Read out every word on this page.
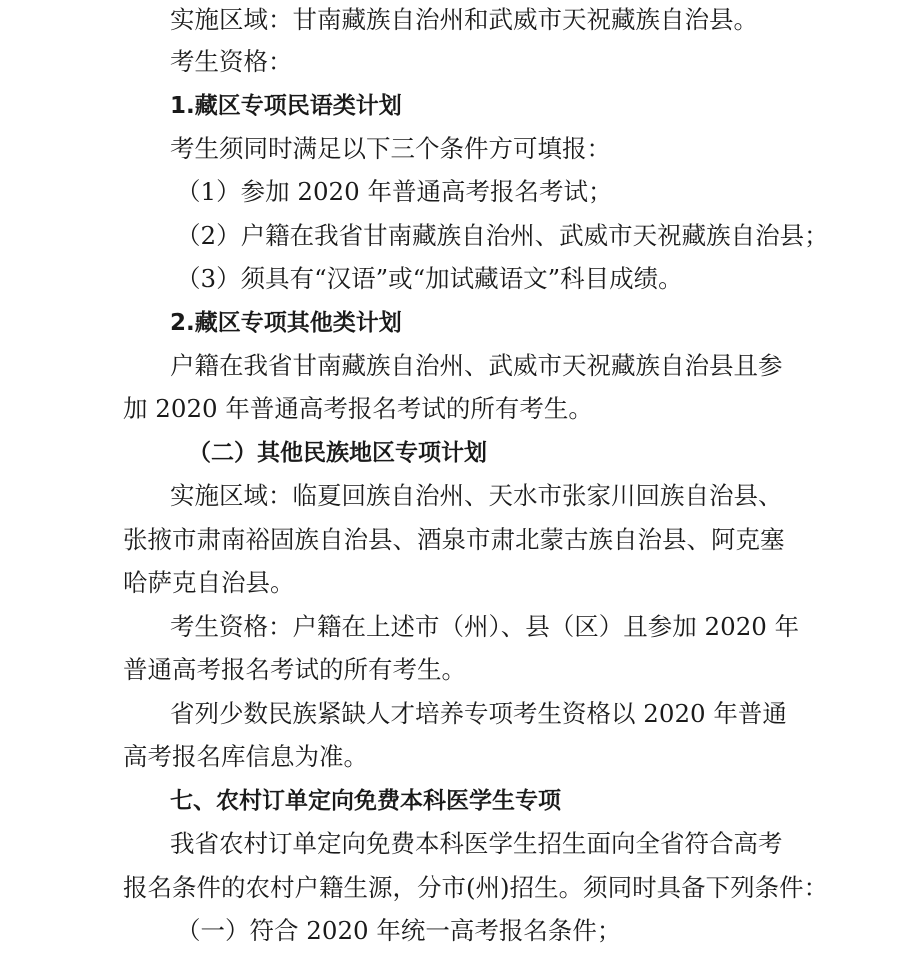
实施区域：甘南藏族自治州和武威市天祝藏族自治县。
考生资格：
1.藏区专项民语类计划
考生须同时满足以下三个条件方可填报：
（1）参加 2020 年普通高考报名考试；
（2）户籍在我省甘南藏族自治州、武威市天祝藏族自治县；
（3）须具有“汉语”或“加试藏语文”科目成绩。
2.藏区专项其他类计划
户籍在我省甘南藏族自治州、武威市天祝藏族自治县且参
加 2020 年普通高考报名考试的所有考生。
（二）其他民族地区专项计划
实施区域：临夏回族自治州、天水市张家川回族自治县、
张掖市肃南裕固族自治县、酒泉市肃北蒙古族自治县、阿克塞
哈萨克自治县。
考生资格：户籍在上述市（州）、县（区）且参加 2020 年
普通高考报名考试的所有考生。
省列少数民族紧缺人才培养专项考生资格以 2020 年普通
高考报名库信息为准。
七、农村订单定向免费本科医学生专项
我省农村订单定向免费本科医学生招生面向全省符合高考
报名条件的农村户籍生源，分市(州)招生。须同时具备下列条件：
（一）符合 2020 年统一高考报名条件；
